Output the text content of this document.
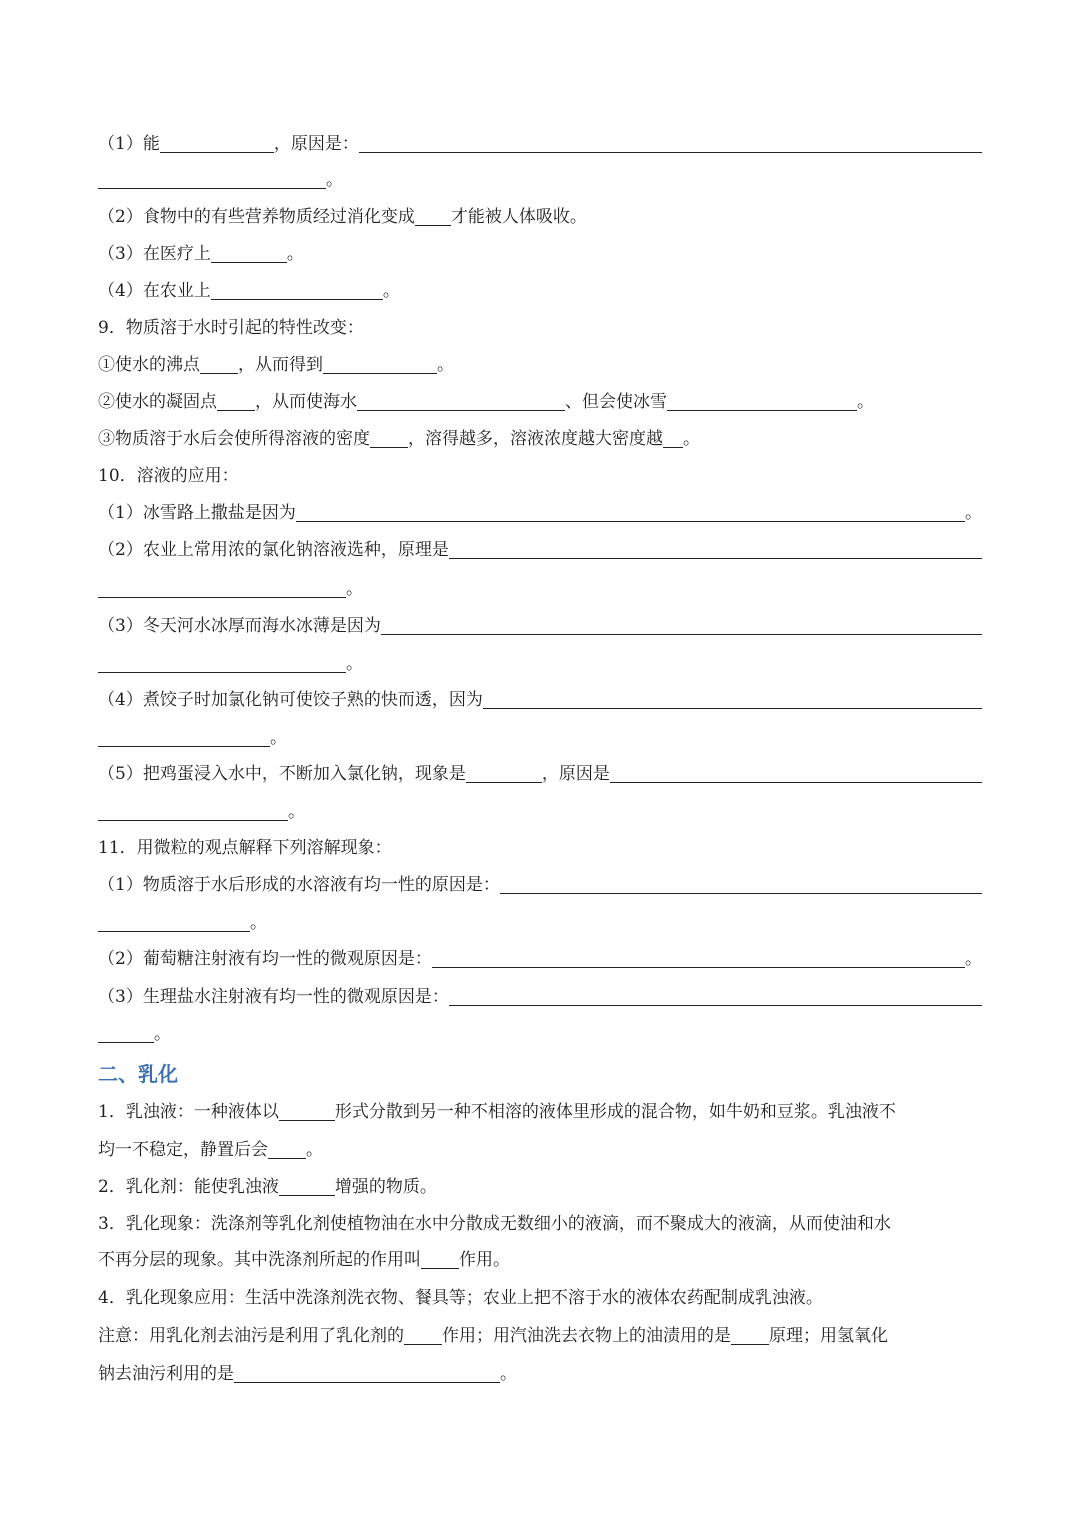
（1）能	，原因是：
。
（2）食物中的有些营养物质经过消化变成 才能被人体吸收。
（3）在医疗上	。
（4）在农业上	。
9．物质溶于水时引起的特性改变：
①使水的沸点 ，从而得到	。
②使水的凝固点 ，从而使海水	、但会使冰雪	。
③物质溶于水后会使所得溶液的密度 ，溶得越多，溶液浓度越大密度越 。
10．溶液的应用：
（1）冰雪路上撒盐是因为	。
（2）农业上常用浓的氯化钠溶液选种，原理是
。
（3）冬天河水冰厚而海水冰薄是因为
。
（4）煮饺子时加氯化钠可使饺子熟的快而透，因为
。
（5）把鸡蛋浸入水中，不断加入氯化钠，现象是	，原因是
。
11．用微粒的观点解释下列溶解现象：
（1）物质溶于水后形成的水溶液有均一性的原因是：
。
（2）葡萄糖注射液有均一性的微观原因是：	。
（3）生理盐水注射液有均一性的微观原因是：
。
二、乳化
1．乳浊液：一种液体以	形式分散到另一种不相溶的液体里形成的混合物，如牛奶和豆浆。乳浊液不
均一不稳定，静置后会 。
2．乳化剂：能使乳浊液	增强的物质。
3．乳化现象：洗涤剂等乳化剂使植物油在水中分散成无数细小的液滴，而不聚成大的液滴，从而使油和水
不再分层的现象。其中洗涤剂所起的作用叫 作用。
4．乳化现象应用：生活中洗涤剂洗衣物、餐具等；农业上把不溶于水的液体农药配制成乳浊液。
注意：用乳化剂去油污是利用了乳化剂的 作用；用汽油洗去衣物上的油渍用的是 原理；用氢氧化
钠去油污利用的是	。
